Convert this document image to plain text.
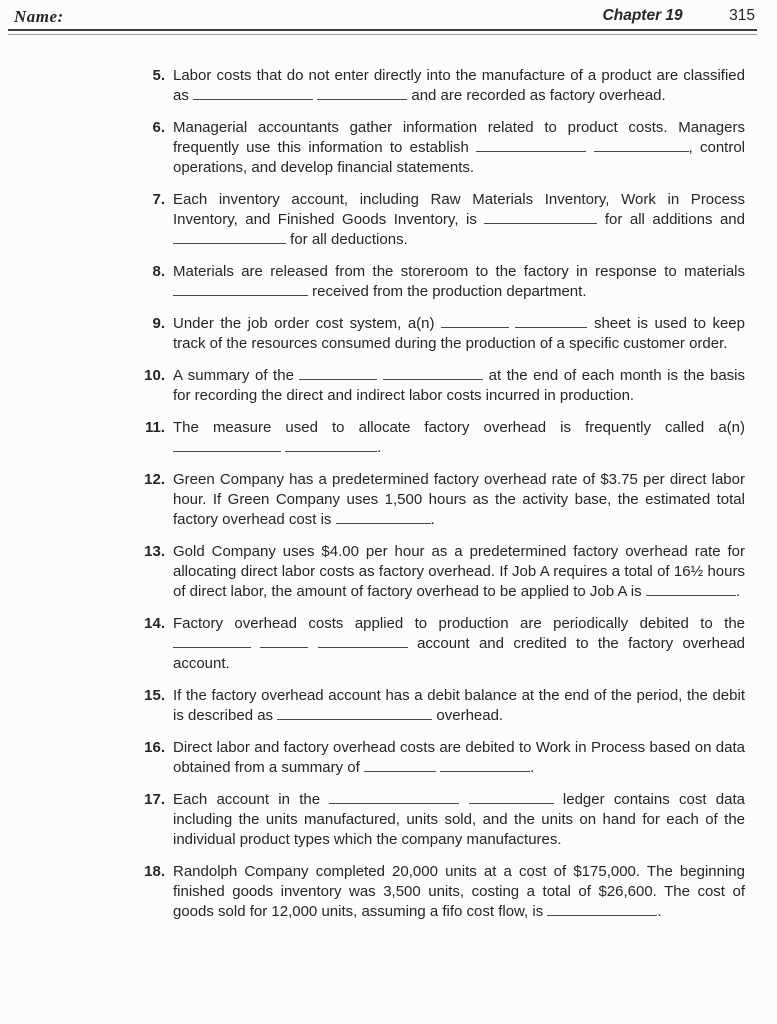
Name:	Chapter 19	315
5. Labor costs that do not enter directly into the manufacture of a product are classified as	and are recorded as factory overhead.
6. Managerial accountants gather information related to product costs. Managers frequently use this information to establish	, control operations, and develop financial statements.
7. Each inventory account, including Raw Materials Inventory, Work in Process Inventory, and Finished Goods Inventory, is	for all additions and  for all deductions.
8. Materials are released from the storeroom to the factory in response to materials  received from the production department.
9. Under the job order cost system, a(n)	sheet is used to keep track of the resources consumed during the production of a specific customer order.
10. A summary of the	at the end of each month is the basis for recording the direct and indirect labor costs incurred in production.
11. The measure used to allocate factory overhead is frequently called a(n)  .
12. Green Company has a predetermined factory overhead rate of $3.75 per direct labor hour. If Green Company uses 1,500 hours as the activity base, the estimated total factory overhead cost is	.
13. Gold Company uses $4.00 per hour as a predetermined factory overhead rate for allocating direct labor costs as factory overhead. If Job A requires a total of 16½ hours of direct labor, the amount of factory overhead to be applied to Job A is	.
14. Factory overhead costs applied to production are periodically debited to the    account and credited to the factory overhead account.
15. If the factory overhead account has a debit balance at the end of the period, the debit is described as	overhead.
16. Direct labor and factory overhead costs are debited to Work in Process based on data obtained from a summary of	.
17. Each account in the	ledger contains cost data including the units manufactured, units sold, and the units on hand for each of the individual product types which the company manufactures.
18. Randolph Company completed 20,000 units at a cost of $175,000. The beginning finished goods inventory was 3,500 units, costing a total of $26,600. The cost of goods sold for 12,000 units, assuming a fifo cost flow, is	.
